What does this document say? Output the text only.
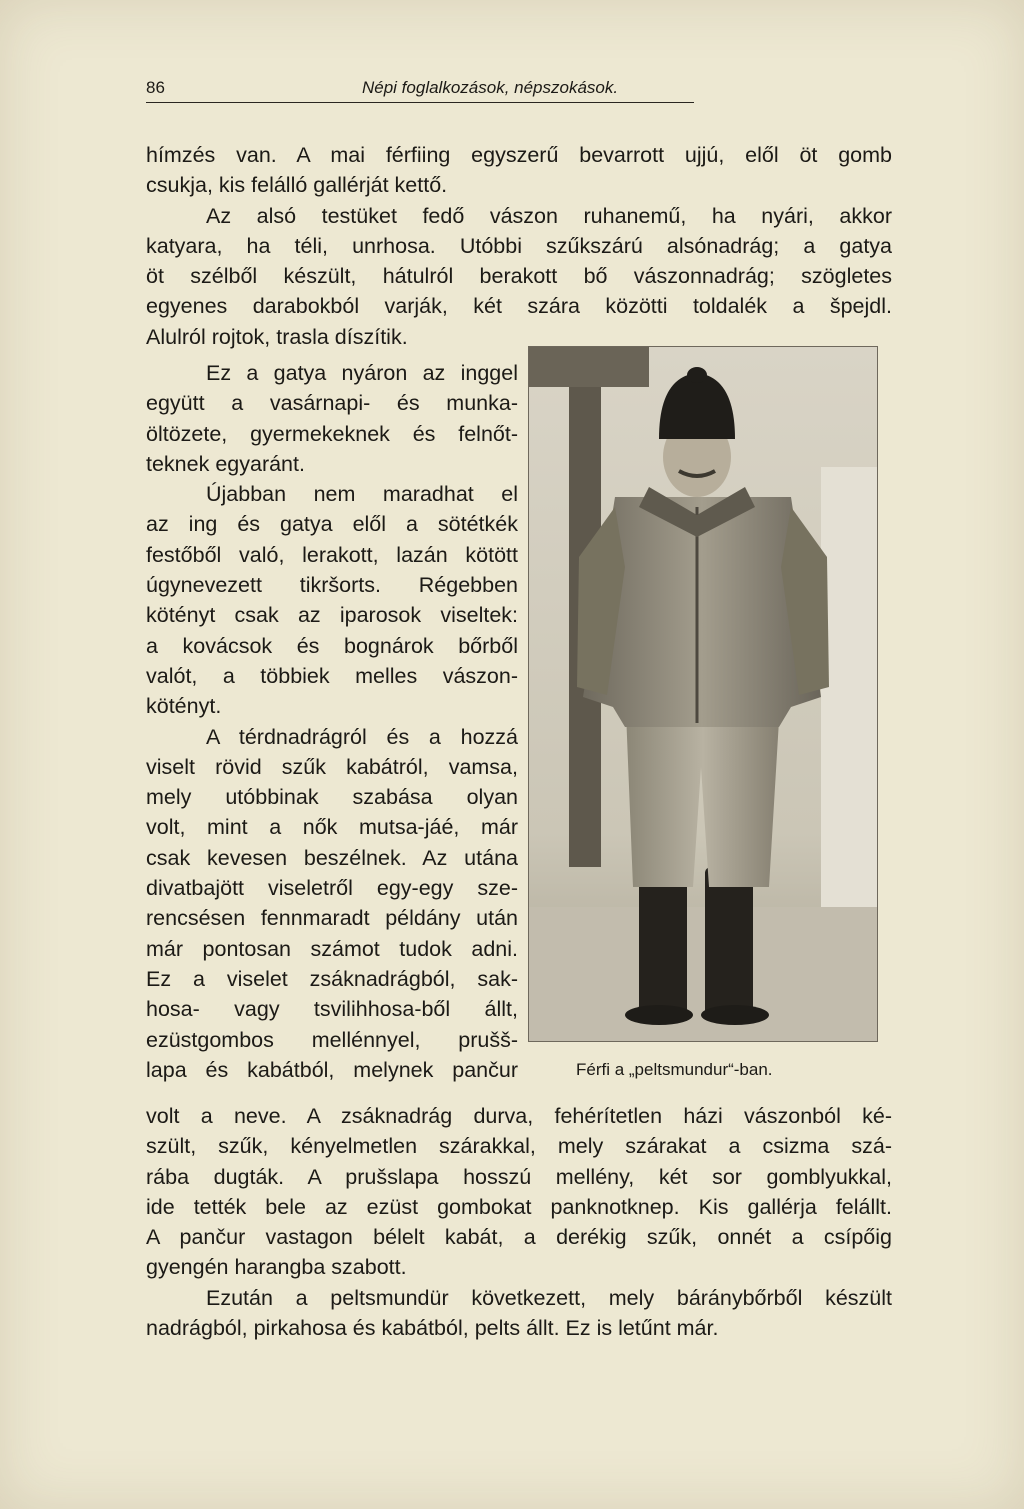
86	Népi foglalkozások, népszokások.
hímzés van. A mai férfiing egyszerű bevarrott ujjú, elől öt gomb
csukja, kis felálló gallérját kettő.
Az alsó testüket fedő vászon ruhanemű, ha nyári, akkor
katyara, ha téli, unrhosa. Utóbbi szűkszárú alsónadrág; a gatya
öt szélből készült, hátulról berakott bő vászonnadrág; szögletes
egyenes darabokból varják, két szára közötti toldalék a špejdl.
Alulról rojtok, trasla díszítik.
Ez a gatya nyáron az inggel
együtt a vasárnapi- és munka-
öltözete, gyermekeknek és felnőt-
teknek egyaránt.
Újabban nem maradhat el
az ing és gatya elől a sötétkék
festőből való, lerakott, lazán kötött
úgynevezett tikršorts. Régebben
kötényt csak az iparosok viseltek:
a kovácsok és bognárok bőrből
valót, a többiek melles vászon-
kötényt.
A térdnadrágról és a hozzá
viselt rövid szűk kabátról, vamsa,
mely utóbbinak szabása olyan
volt, mint a nők mutsa-jáé, már
csak kevesen beszélnek. Az utána
divatbajött viseletről egy-egy sze-
rencsésen fennmaradt példány után
már pontosan számot tudok adni.
Ez a viselet zsáknadrágból, sak-
hosa- vagy tsvilihhosa-ből állt,
ezüstgombos mellénnyel, prušš-
lapa és kabátból, melynek pančur
volt a neve. A zsáknadrág durva, fehérítetlen házi vászonból ké-
szült, szűk, kényelmetlen szárakkal, mely szárakat a csizma szá-
rába dugták. A prušslapa hosszú mellény, két sor gomblyukkal,
ide tették bele az ezüst gombokat panknotknep. Kis gallérja felállt.
A pančur vastagon bélelt kabát, a derékig szűk, onnét a csípőig
gyengén harangba szabott.
Ezután a peltsmundür következett, mely báránybőrből készült
nadrágból, pirkahosa és kabátból, pelts állt. Ez is letűnt már.
Férfi a „peltsmundur“-ban.
